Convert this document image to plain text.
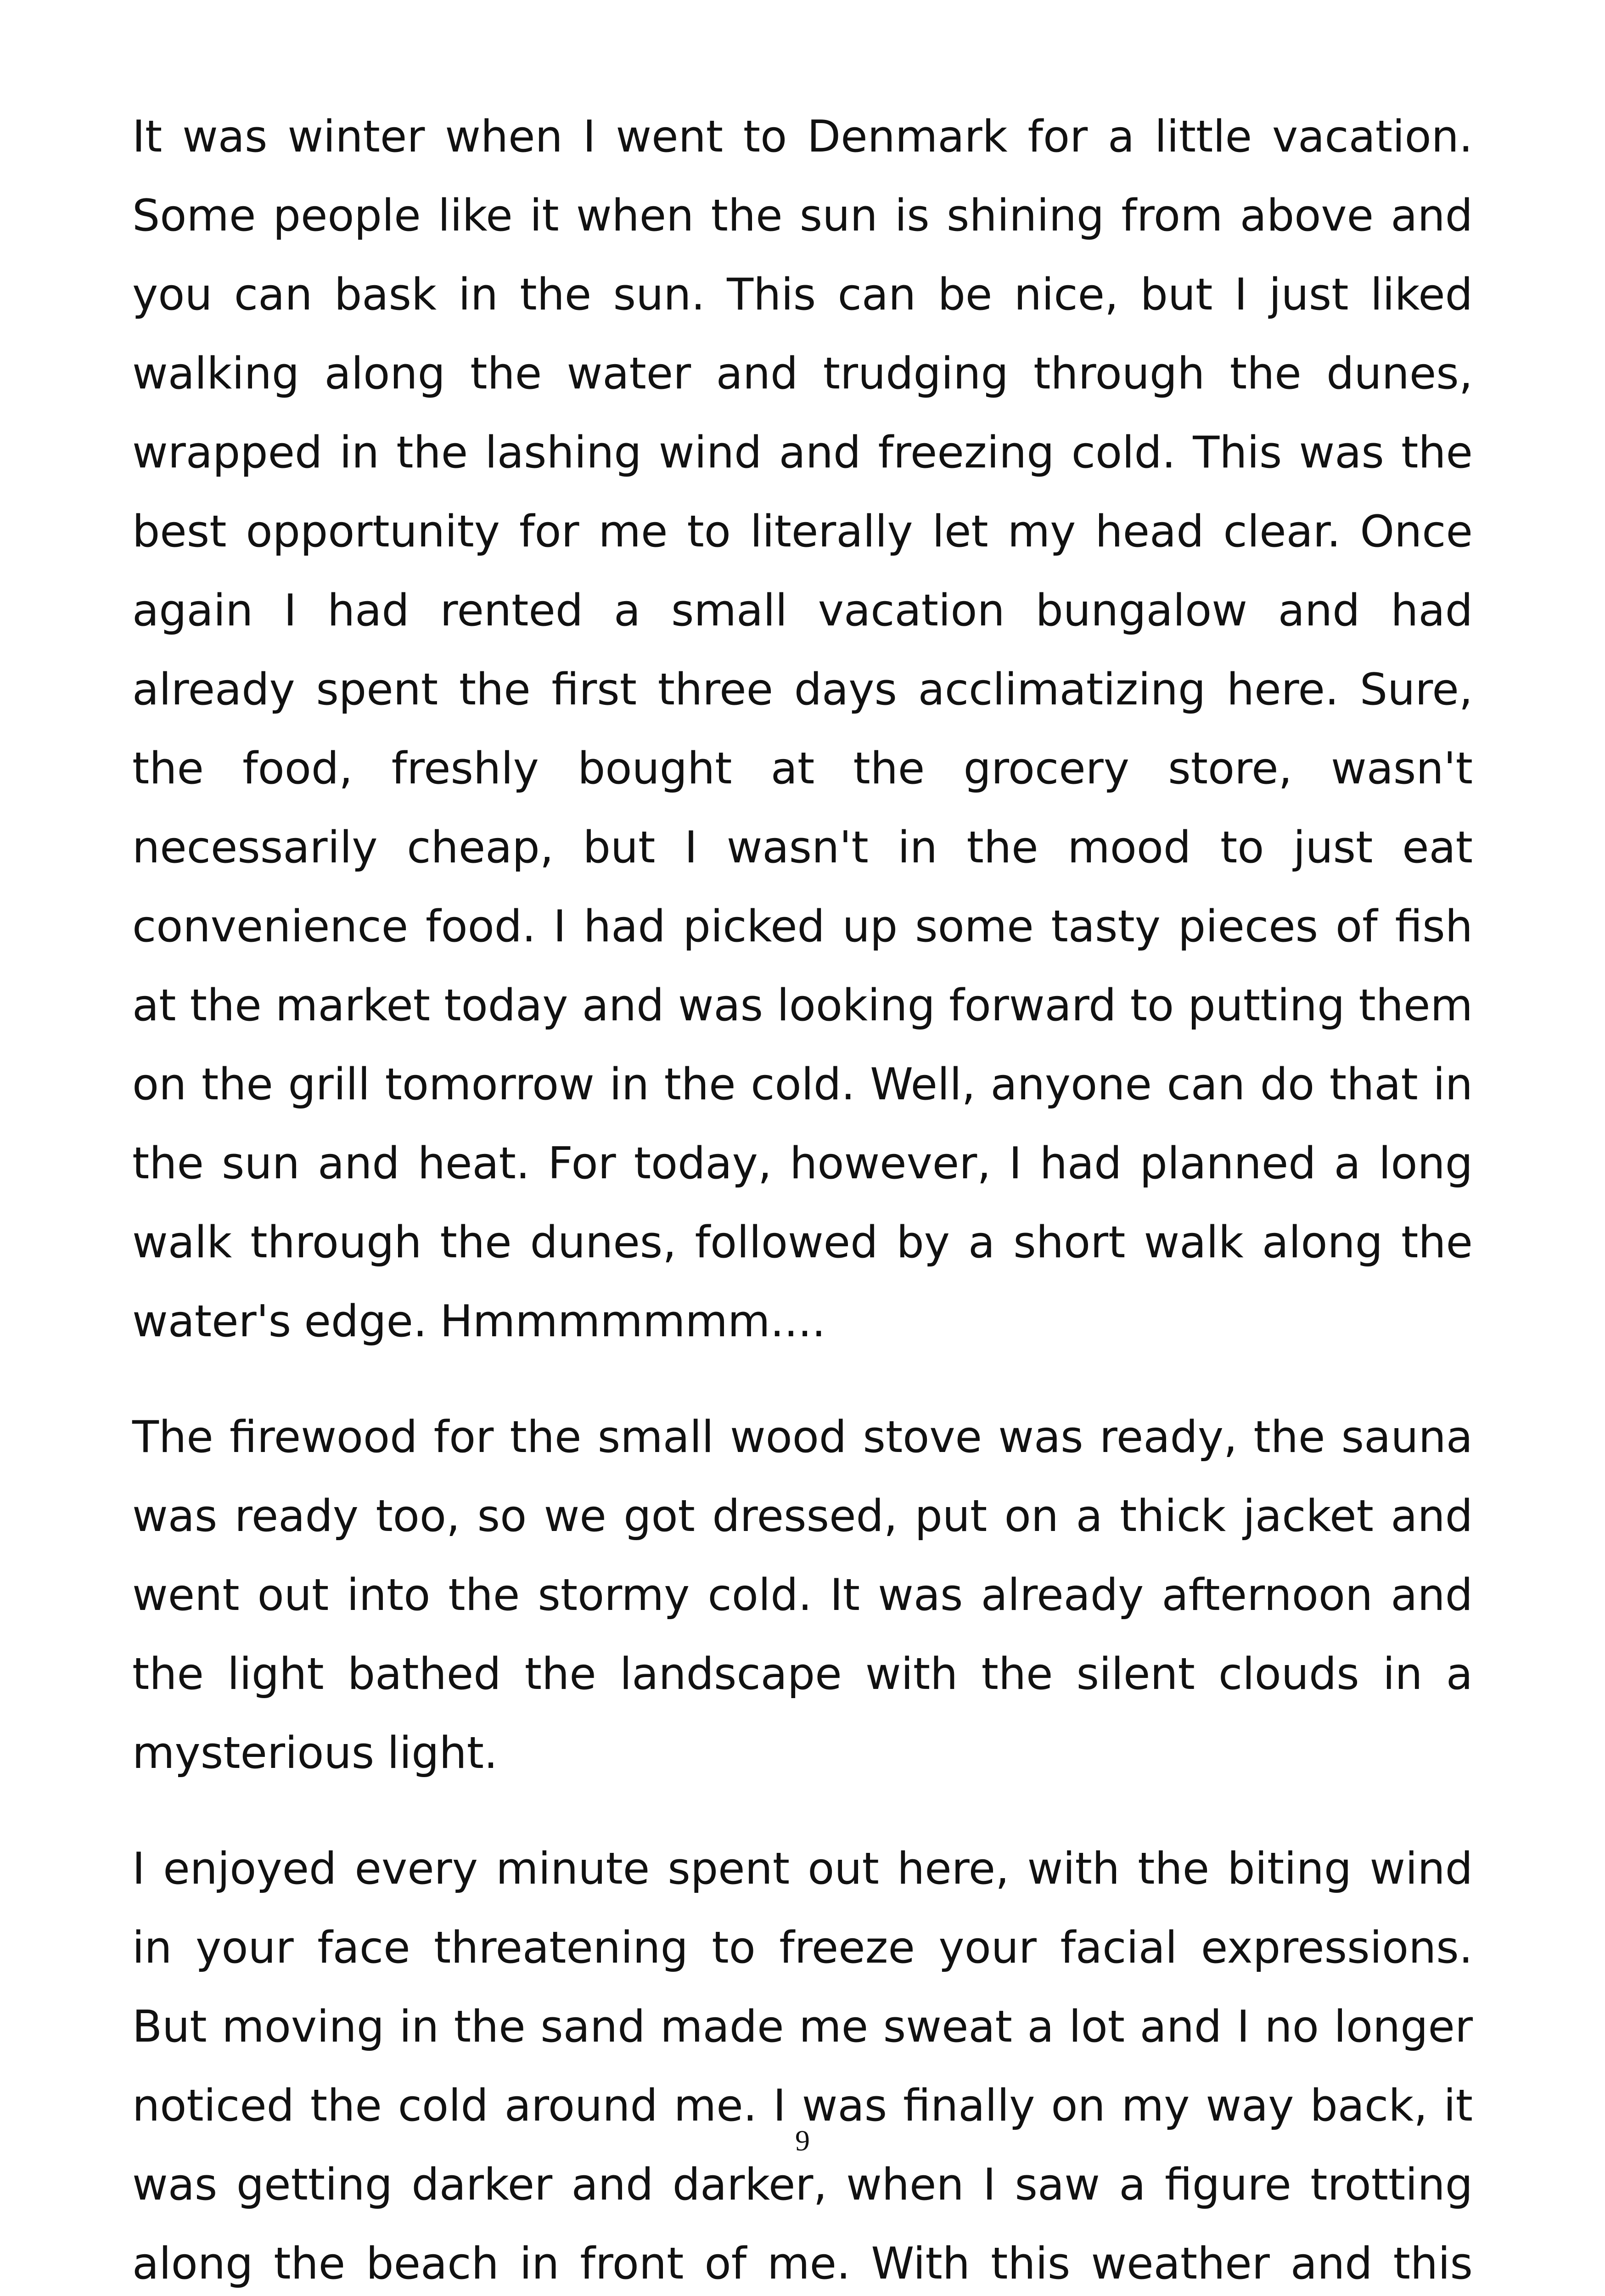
It was winter when I went to Denmark for a little vacation. Some people like it when the sun is shining from above and you can bask in the sun. This can be nice, but I just liked walking along the water and trudging through the dunes, wrapped in the lashing wind and freezing cold. This was the best opportunity for me to literally let my head clear. Once again I had rented a small vacation bungalow and had already spent the first three days acclimatizing here. Sure, the food, freshly bought at the grocery store, wasn't necessarily cheap, but I wasn't in the mood to just eat convenience food. I had picked up some tasty pieces of fish at the market today and was looking forward to putting them on the grill tomorrow in the cold. Well, anyone can do that in the sun and heat. For today, however, I had planned a long walk through the dunes, followed by a short walk along the water's edge. Hmmmmmmm....

The firewood for the small wood stove was ready, the sauna was ready too, so we got dressed, put on a thick jacket and went out into the stormy cold. It was already afternoon and the light bathed the landscape with the silent clouds in a mysterious light.

I enjoyed every minute spent out here, with the biting wind in your face threatening to freeze your facial expressions. But moving in the sand made me sweat a lot and I no longer noticed the cold around me. I was finally on my way back, it was getting darker and darker, when I saw a figure trotting along the beach in front of me. With this weather and this

9
